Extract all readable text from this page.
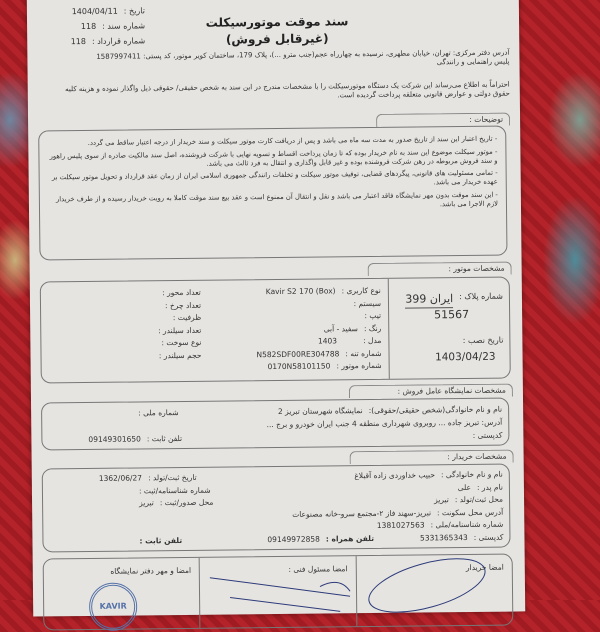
تاریخ :
1404/04/11
شماره سند :
118
شماره قرارداد :
118
سند موقت موتورسیکلت
(غیرقابل فروش)
آدرس دفتر مرکزی: تهران، خیابان مطهری، نرسیده به چهارراه عجم(جنب مترو ...)، پلاک 179، ساختمان کویر موتور، کد پستی: 1587997411
پلیس راهنمایی و رانندگی
احتراماً به اطلاع می‌رساند این شرکت یک دستگاه موتورسیکلت را با مشخصات مندرج در این سند به شخص حقیقی/ حقوقی ذیل واگذار نموده و هزینه کلیه حقوق دولتی و عوارض قانونی متعلقه پرداخت گردیده است.
توضیحات :

- تاریخ اعتبار این سند از تاریخ صدور به مدت سه ماه می باشد و پس از دریافت کارت موتور سیکلت و سند خریدار از درجه اعتبار ساقط می گردد.

- موتور سیکلت موضوع این سند به نام خریدار بوده که تا زمان پرداخت اقساط و تسویه نهایی با شرکت فروشنده، اصل سند مالکیت صادره از سوی پلیس راهور و سند فروش مربوطه در رهن شرکت فروشنده بوده و غیر قابل واگذاری و انتقال به فرد ثالث می باشد.

- تمامی مسئولیت های قانونی، پیگردهای قضایی، توقیف موتور سیکلت و تخلفات رانندگی جمهوری اسلامی ایران از زمان عقد قرارداد و تحویل موتور سیکلت بر عهده خریدار می باشد.

- این سند موقت بدون مهر نمایشگاه فاقد اعتبار می باشد و نقل و انتقال آن ممنوع است و عقد بیع سند موقت کاملا به رویت خریدار رسیده و از طرف خریدار لازم الاجرا می باشد.

مشخصات موتور :
شماره پلاک :
ایران 399
51567
تاریخ نصب :
1403/04/23
نوع کاربری :
Kavir S2 170 (Box)
سیستم :
تیپ :
رنگ :
سفید - آبی
مدل :
1403
شماره تنه :
N582SDF00RE304788
شماره موتور :
0170N58101150
تعداد محور :
تعداد چرخ :
ظرفیت :
تعداد سیلندر :
نوع سوخت :
حجم سیلندر :
مشخصات نمایشگاه عامل فروش :
نام و نام خانوادگی(شخص حقیقی/حقوقی):
نمایشگاه شهرستان تبریز 2
شماره ملی :
آدرس: تبریز جاده ... روبروی شهرداری منطقه 4 جنب ایران خودرو و برج ...
کدپستی :
تلفن ثابت :
09149301650
مشخصات خریدار :
نام و نام خانوادگی :
حبیب خداوردی زاده آقبلاغ
تاریخ ثبت/تولد :
1362/06/27
نام پدر :
علی
شماره شناسنامه/ثبت :
محل ثبت/تولد :
تبریز
محل صدور/ثبت :
تبریز
آدرس محل سکونت :
تبریز-سهند فاز ۲-مجتمع سرو-خانه مصنوعات
شماره شناسنامه/ملی :
1381027563
کدپستی :
5331365343
تلفن همراه :
09149972858
تلفن ثابت :
امضا خریدار
امضا مسئول فنی :
امضا و مهر دفتر نمایشگاه
KAVIR
